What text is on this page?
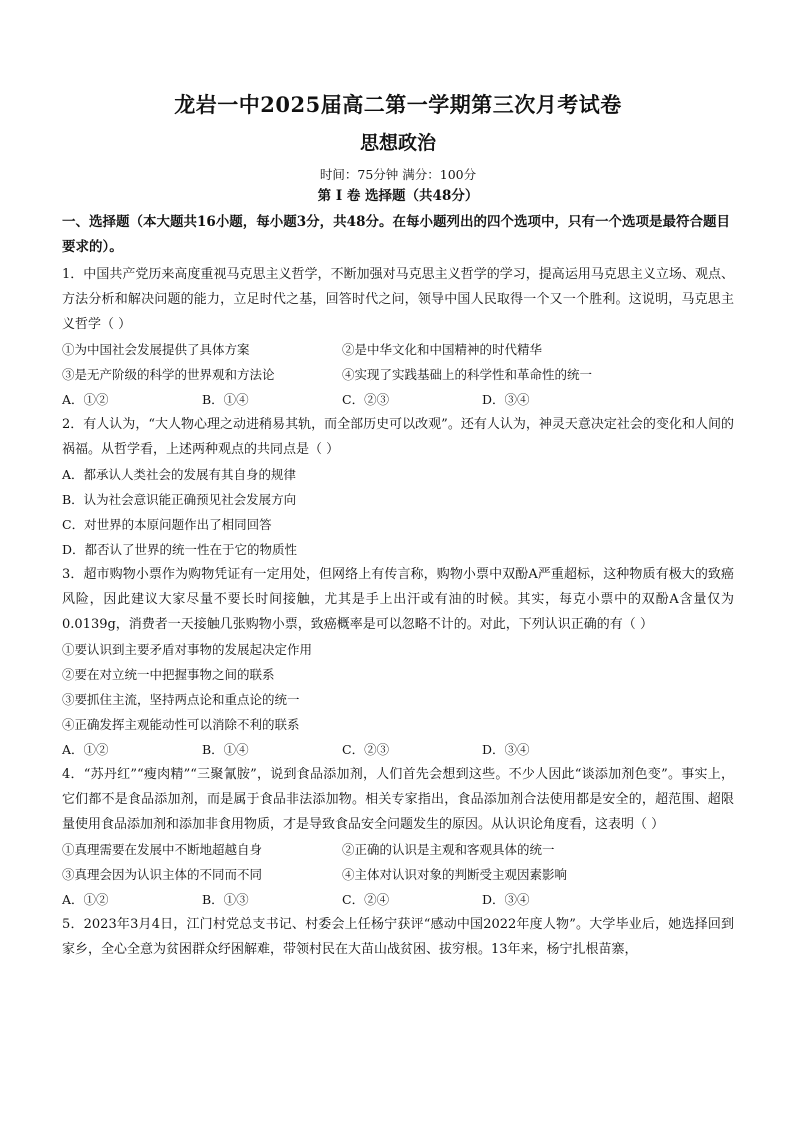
龙岩一中2025届高二第一学期第三次月考试卷
思想政治
时间：75分钟 满分：100分
第 I 卷 选择题（共48分）
一、选择题（本大题共16小题，每小题3分，共48分。在每小题列出的四个选项中，只有一个选项是最符合题目要求的）。
1．中国共产党历来高度重视马克思主义哲学，不断加强对马克思主义哲学的学习，提高运用马克思主义立场、观点、方法分析和解决问题的能力，立足时代之基，回答时代之问，领导中国人民取得一个又一个胜利。这说明，马克思主义哲学（ ）
①为中国社会发展提供了具体方案	②是中华文化和中国精神的时代精华
③是无产阶级的科学的世界观和方法论	④实现了实践基础上的科学性和革命性的统一
A．①②	B．①④	C．②③	D．③④
2．有人认为，“大人物心理之动进稍易其轨，而全部历史可以改观”。还有人认为，神灵天意决定社会的变化和人间的祸福。从哲学看，上述两种观点的共同点是（ ）
A．都承认人类社会的发展有其自身的规律
B．认为社会意识能正确预见社会发展方向
C．对世界的本原问题作出了相同回答
D．都否认了世界的统一性在于它的物质性
3．超市购物小票作为购物凭证有一定用处，但网络上有传言称，购物小票中双酚A严重超标，这种物质有极大的致癌风险，因此建议大家尽量不要长时间接触，尤其是手上出汗或有油的时候。其实，每克小票中的双酚A含量仅为0.0139g，消费者一天接触几张购物小票，致癌概率是可以忽略不计的。对此，下列认识正确的有（ ）
①要认识到主要矛盾对事物的发展起决定作用
②要在对立统一中把握事物之间的联系
③要抓住主流，坚持两点论和重点论的统一
④正确发挥主观能动性可以消除不利的联系
A．①②	B．①④	C．②③	D．③④
4．“苏丹红”“瘦肉精”“三聚氰胺”，说到食品添加剂，人们首先会想到这些。不少人因此“谈添加剂色变”。事实上，它们都不是食品添加剂，而是属于食品非法添加物。相关专家指出，食品添加剂合法使用都是安全的，超范围、超限量使用食品添加剂和添加非食用物质，才是导致食品安全问题发生的原因。从认识论角度看，这表明（ ）
①真理需要在发展中不断地超越自身	②正确的认识是主观和客观具体的统一
③真理会因为认识主体的不同而不同	④主体对认识对象的判断受主观因素影响
A．①②	B．①③	C．②④	D．③④
5．2023年3月4日，江门村党总支书记、村委会上任杨宁获评“感动中国2022年度人物”。大学毕业后，她选择回到家乡，全心全意为贫困群众纾困解难，带领村民在大苗山战贫困、拔穷根。13年来，杨宁扎根苗寨，
